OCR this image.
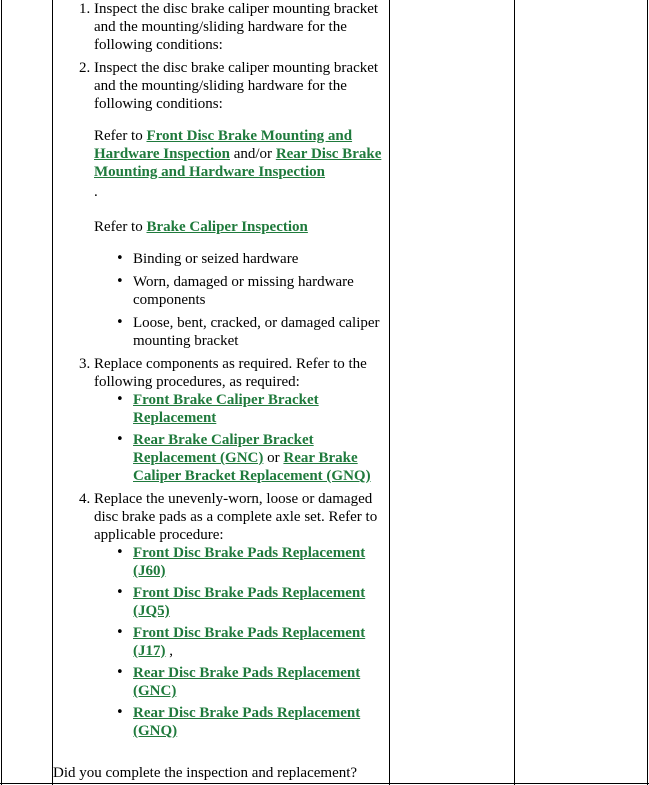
1. Inspect the disc brake caliper mounting bracket and the mounting/sliding hardware for the following conditions:
2. Inspect the disc brake caliper mounting bracket and the mounting/sliding hardware for the following conditions:

Refer to Front Disc Brake Mounting and Hardware Inspection and/or Rear Disc Brake Mounting and Hardware Inspection
.

Refer to Brake Caliper Inspection

• Binding or seized hardware
• Worn, damaged or missing hardware components
• Loose, bent, cracked, or damaged caliper mounting bracket
3. Replace components as required. Refer to the following procedures, as required:
• Front Brake Caliper Bracket Replacement
• Rear Brake Caliper Bracket Replacement (GNC) or Rear Brake Caliper Bracket Replacement (GNQ)
4. Replace the unevenly-worn, loose or damaged disc brake pads as a complete axle set. Refer to applicable procedure:
• Front Disc Brake Pads Replacement (J60)
• Front Disc Brake Pads Replacement (JQ5)
• Front Disc Brake Pads Replacement (J17) ,
• Rear Disc Brake Pads Replacement (GNC)
• Rear Disc Brake Pads Replacement (GNQ)
Did you complete the inspection and replacement?
